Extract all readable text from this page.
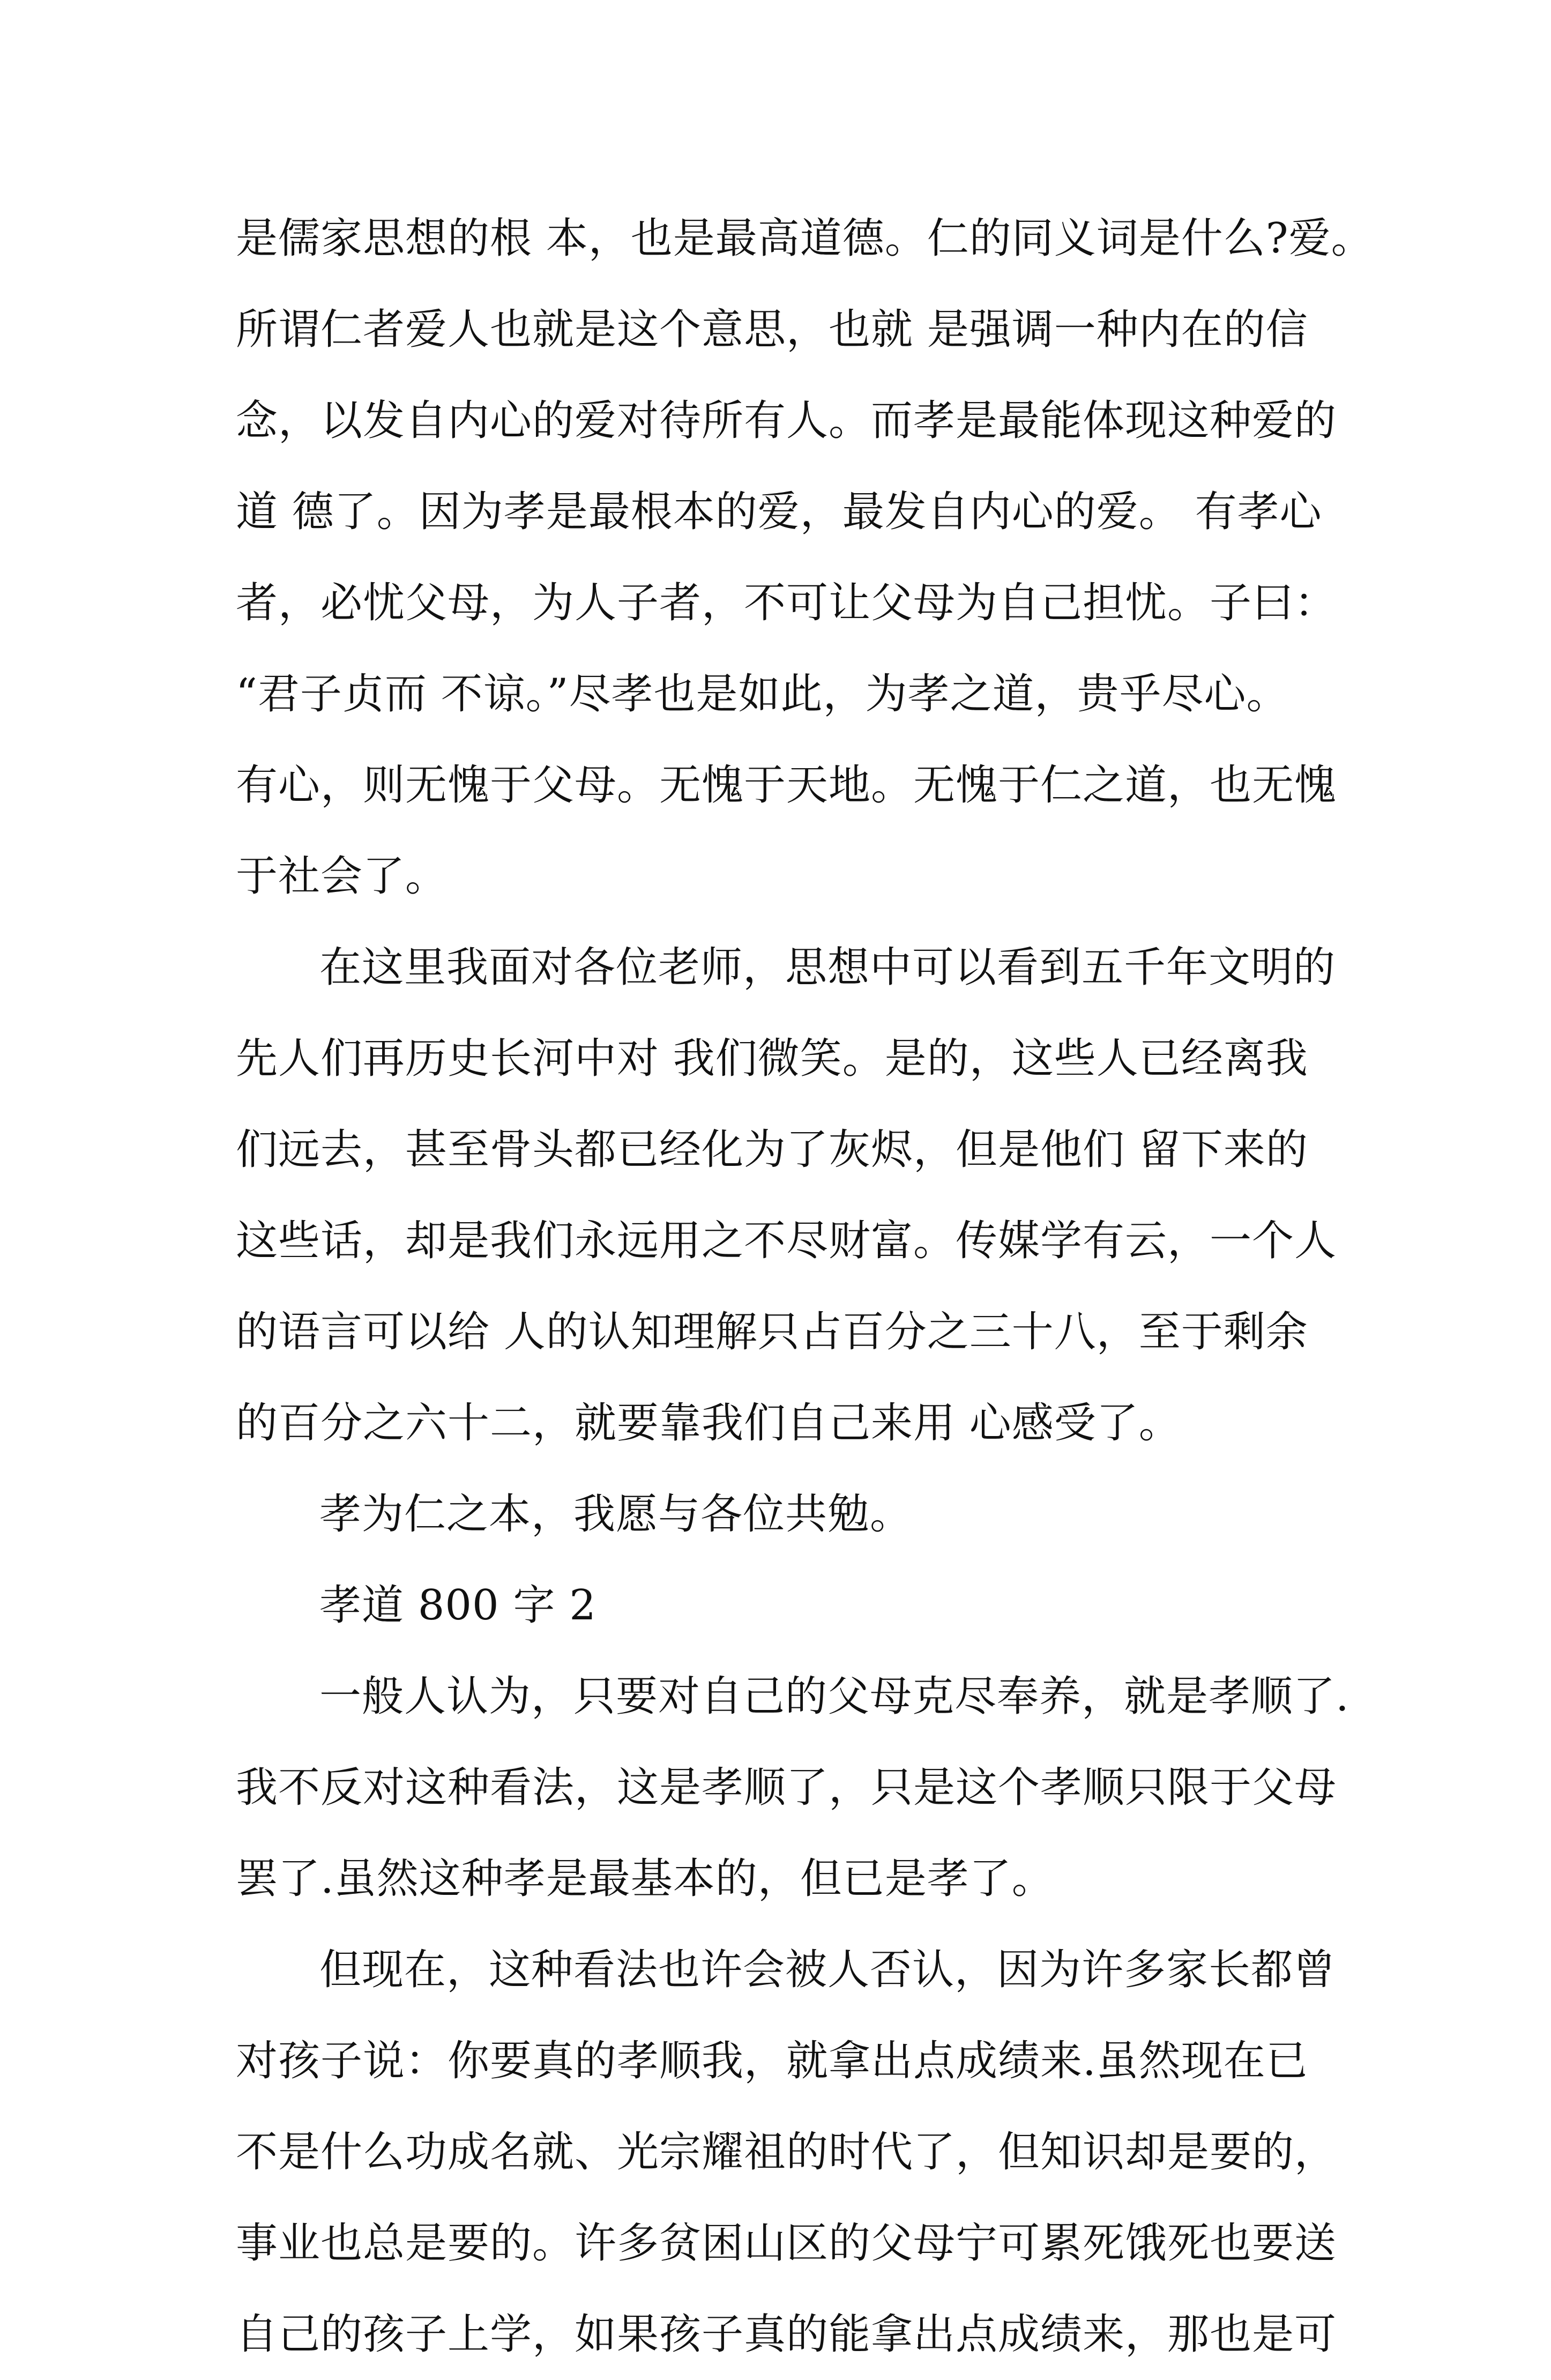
是儒家思想的根 本，也是最高道德。仁的同义词是什么?爱。
所谓仁者爱人也就是这个意思，也就 是强调一种内在的信
念，以发自内心的爱对待所有人。而孝是最能体现这种爱的
道 德了。因为孝是最根本的爱，最发自内心的爱。 有孝心
者，必忧父母，为人子者，不可让父母为自己担忧。子曰：
“君子贞而 不谅。”尽孝也是如此，为孝之道，贵乎尽心。
有心，则无愧于父母。无愧于天地。无愧于仁之道，也无愧
于社会了。
在这里我面对各位老师，思想中可以看到五千年文明的
先人们再历史长河中对 我们微笑。是的，这些人已经离我
们远去，甚至骨头都已经化为了灰烬，但是他们 留下来的
这些话，却是我们永远用之不尽财富。传媒学有云，一个人
的语言可以给 人的认知理解只占百分之三十八，至于剩余
的百分之六十二，就要靠我们自己来用 心感受了。
孝为仁之本，我愿与各位共勉。
孝道 800 字 2
一般人认为，只要对自己的父母克尽奉养，就是孝顺了.
我不反对这种看法，这是孝顺了，只是这个孝顺只限于父母
罢了.虽然这种孝是最基本的，但已是孝了。
但现在，这种看法也许会被人否认，因为许多家长都曾
对孩子说：你要真的孝顺我，就拿出点成绩来.虽然现在已
不是什么功成名就、光宗耀祖的时代了，但知识却是要的，
事业也总是要的。许多贫困山区的父母宁可累死饿死也要送
自己的孩子上学，如果孩子真的能拿出点成绩来，那也是可
